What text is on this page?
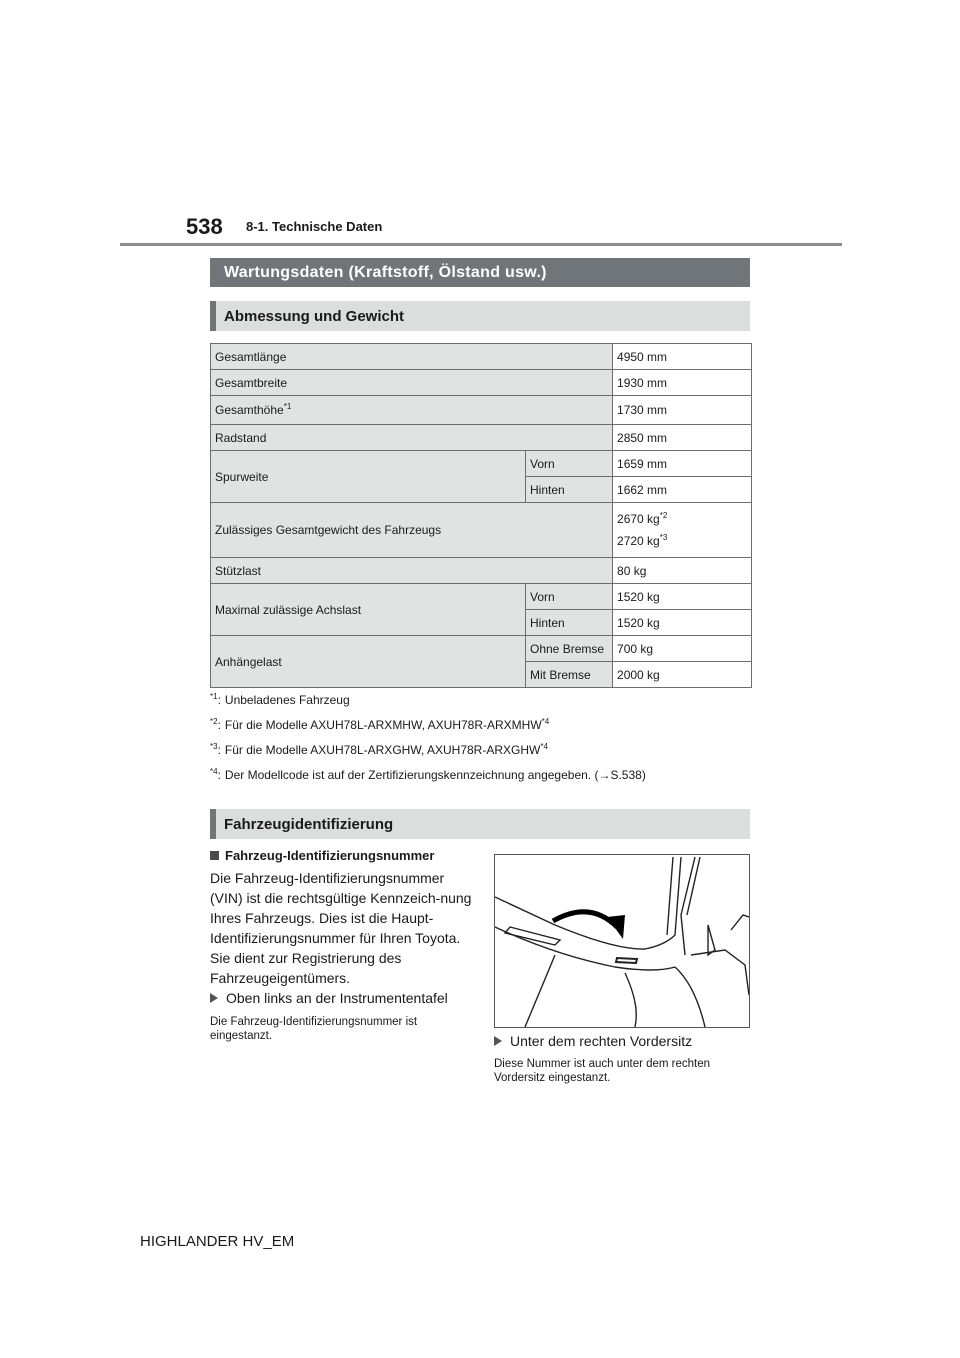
538 8-1. Technische Daten
Wartungsdaten (Kraftstoff, Ölstand usw.)
Abmessung und Gewicht
Gesamtlänge		4950 mm
Gesamtbreite		1930 mm
Gesamthöhe$^{*1}$		1730 mm
Radstand		2850 mm
Spurweite	Vorn	1659 mm
	Hinten	1662 mm
Zulässiges Gesamtgewicht des Fahrzeugs		2670 $kg^{*2}$
2720 $kg^{*3}$

Stützlast		80 kg
Maximal zulässige Achslast	Vorn	1520 kg
	Hinten	1520 kg
Anhängelast	Ohne Bremse	700 kg
	Mit Bremse	2000 kg
$^{*1}$: Unbeladenes Fahrzeug
$^{*2}$: Für die Modelle AXUH78L-ARXMHW, AXUH78R-ARXMHW$^{*4}$
$^{*3}$: Für die Modelle AXUH78L-ARXGHW, AXUH78R-ARXGHW$^{*4}$
$^{*4}$: Der Modellcode ist auf der Zertifizierungskennzeichnung angegeben. (→S.538)
Fahrzeugidentifizierung
Fahrzeug-Identifizierungsnummer
Die Fahrzeug-Identifizierungsnummer (VIN) ist die rechtsgültige Kennzeich-nung Ihres Fahrzeugs. Dies ist die Haupt-Identifizierungsnummer für Ihren Toyota. Sie dient zur Registrierung des Fahrzeugeigentümers.
Oben links an der Instrumententafel
Die Fahrzeug-Identifizierungsnummer ist eingestanzt.	Unter dem rechten Vordersitz
Diese Nummer ist auch unter dem rechten Vordersitz eingestanzt.
HIGHLANDER HV_EM
